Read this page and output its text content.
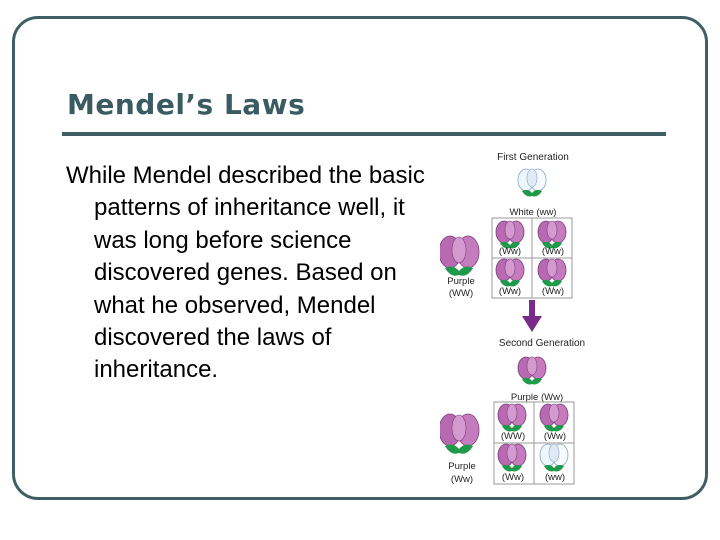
Mendel’s Laws

While Mendel described the basic patterns of inheritance well, it was long before science discovered genes. Based on what he observed, Mendel discovered the laws of inheritance.

First Generation
White (ww)
Purple
(WW)
(Ww) (Ww)
(Ww) (Ww)
Second Generation
Purple (Ww)
Purple
(Ww)
(WW) (Ww)
(Ww) (ww)
